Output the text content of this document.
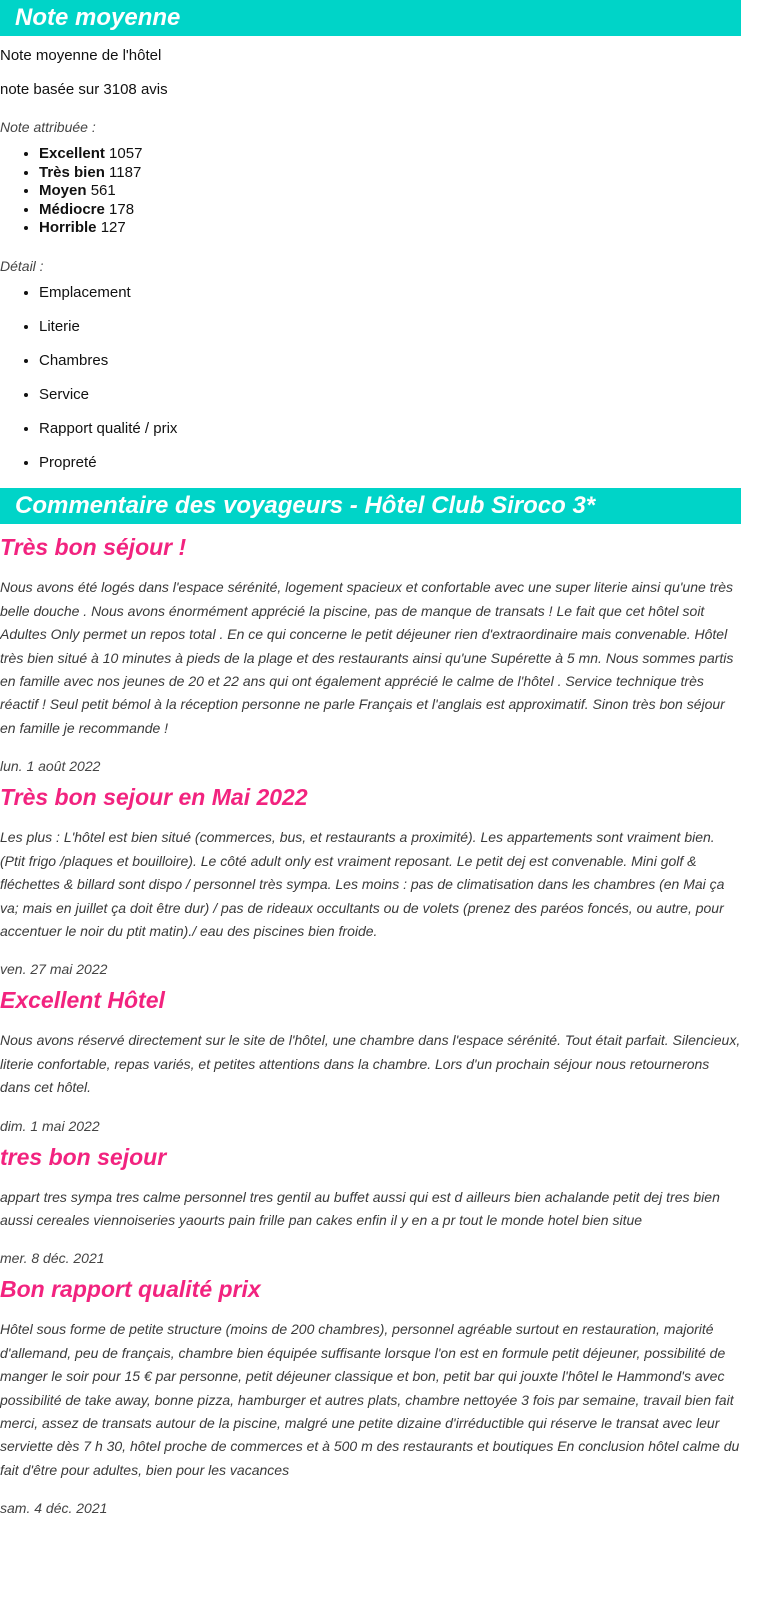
Note moyenne

Note moyenne de l'hôtel

note basée sur 3108 avis

Note attribuée :

• Excellent 1057
• Très bien 1187
• Moyen 561
• Médiocre 178
• Horrible 127

Détail :

• Emplacement
• Literie
• Chambres
• Service
• Rapport qualité / prix
• Propreté
Commentaire des voyageurs - Hôtel Club Siroco 3*
Très bon séjour !

Nous avons été logés dans l'espace sérénité, logement spacieux et confortable avec une super literie ainsi qu'une très belle douche . Nous avons énormément apprécié la piscine, pas de manque de transats ! Le fait que cet hôtel soit Adultes Only permet un repos total . En ce qui concerne le petit déjeuner rien d'extraordinaire mais convenable. Hôtel très bien situé à 10 minutes à pieds de la plage et des restaurants ainsi qu'une Supérette à 5 mn. Nous sommes partis en famille avec nos jeunes de 20 et 22 ans qui ont également apprécié le calme de l'hôtel . Service technique très réactif ! Seul petit bémol à la réception personne ne parle Français et l'anglais est approximatif. Sinon très bon séjour en famille je recommande !

lun. 1 août 2022

Très bon sejour en Mai 2022

Les plus : L'hôtel est bien situé (commerces, bus, et restaurants a proximité). Les appartements sont vraiment bien. (Ptit frigo /plaques et bouilloire). Le côté adult only est vraiment reposant. Le petit dej est convenable. Mini golf & fléchettes & billard sont dispo / personnel très sympa. Les moins : pas de climatisation dans les chambres (en Mai ça va; mais en juillet ça doit être dur) / pas de rideaux occultants ou de volets (prenez des paréos foncés, ou autre, pour accentuer le noir du ptit matin)./ eau des piscines bien froide.

ven. 27 mai 2022

Excellent Hôtel

Nous avons réservé directement sur le site de l'hôtel, une chambre dans l'espace sérénité. Tout était parfait. Silencieux, literie confortable, repas variés, et petites attentions dans la chambre. Lors d'un prochain séjour nous retournerons dans cet hôtel.

dim. 1 mai 2022

tres bon sejour

appart tres sympa tres calme personnel tres gentil au buffet aussi qui est d ailleurs bien achalande petit dej tres bien aussi cereales viennoiseries yaourts pain frille pan cakes enfin il y en a pr tout le monde hotel bien situe

mer. 8 déc. 2021

Bon rapport qualité prix

Hôtel sous forme de petite structure (moins de 200 chambres), personnel agréable surtout en restauration, majorité d'allemand, peu de français, chambre bien équipée suffisante lorsque l'on est en formule petit déjeuner, possibilité de manger le soir pour 15 € par personne, petit déjeuner classique et bon, petit bar qui jouxte l'hôtel le Hammond's avec possibilité de take away, bonne pizza, hamburger et autres plats, chambre nettoyée 3 fois par semaine, travail bien fait merci, assez de transats autour de la piscine, malgré une petite dizaine d'irréductible qui réserve le transat avec leur serviette dès 7 h 30, hôtel proche de commerces et à 500 m des restaurants et boutiques En conclusion hôtel calme du fait d'être pour adultes, bien pour les vacances

sam. 4 déc. 2021
